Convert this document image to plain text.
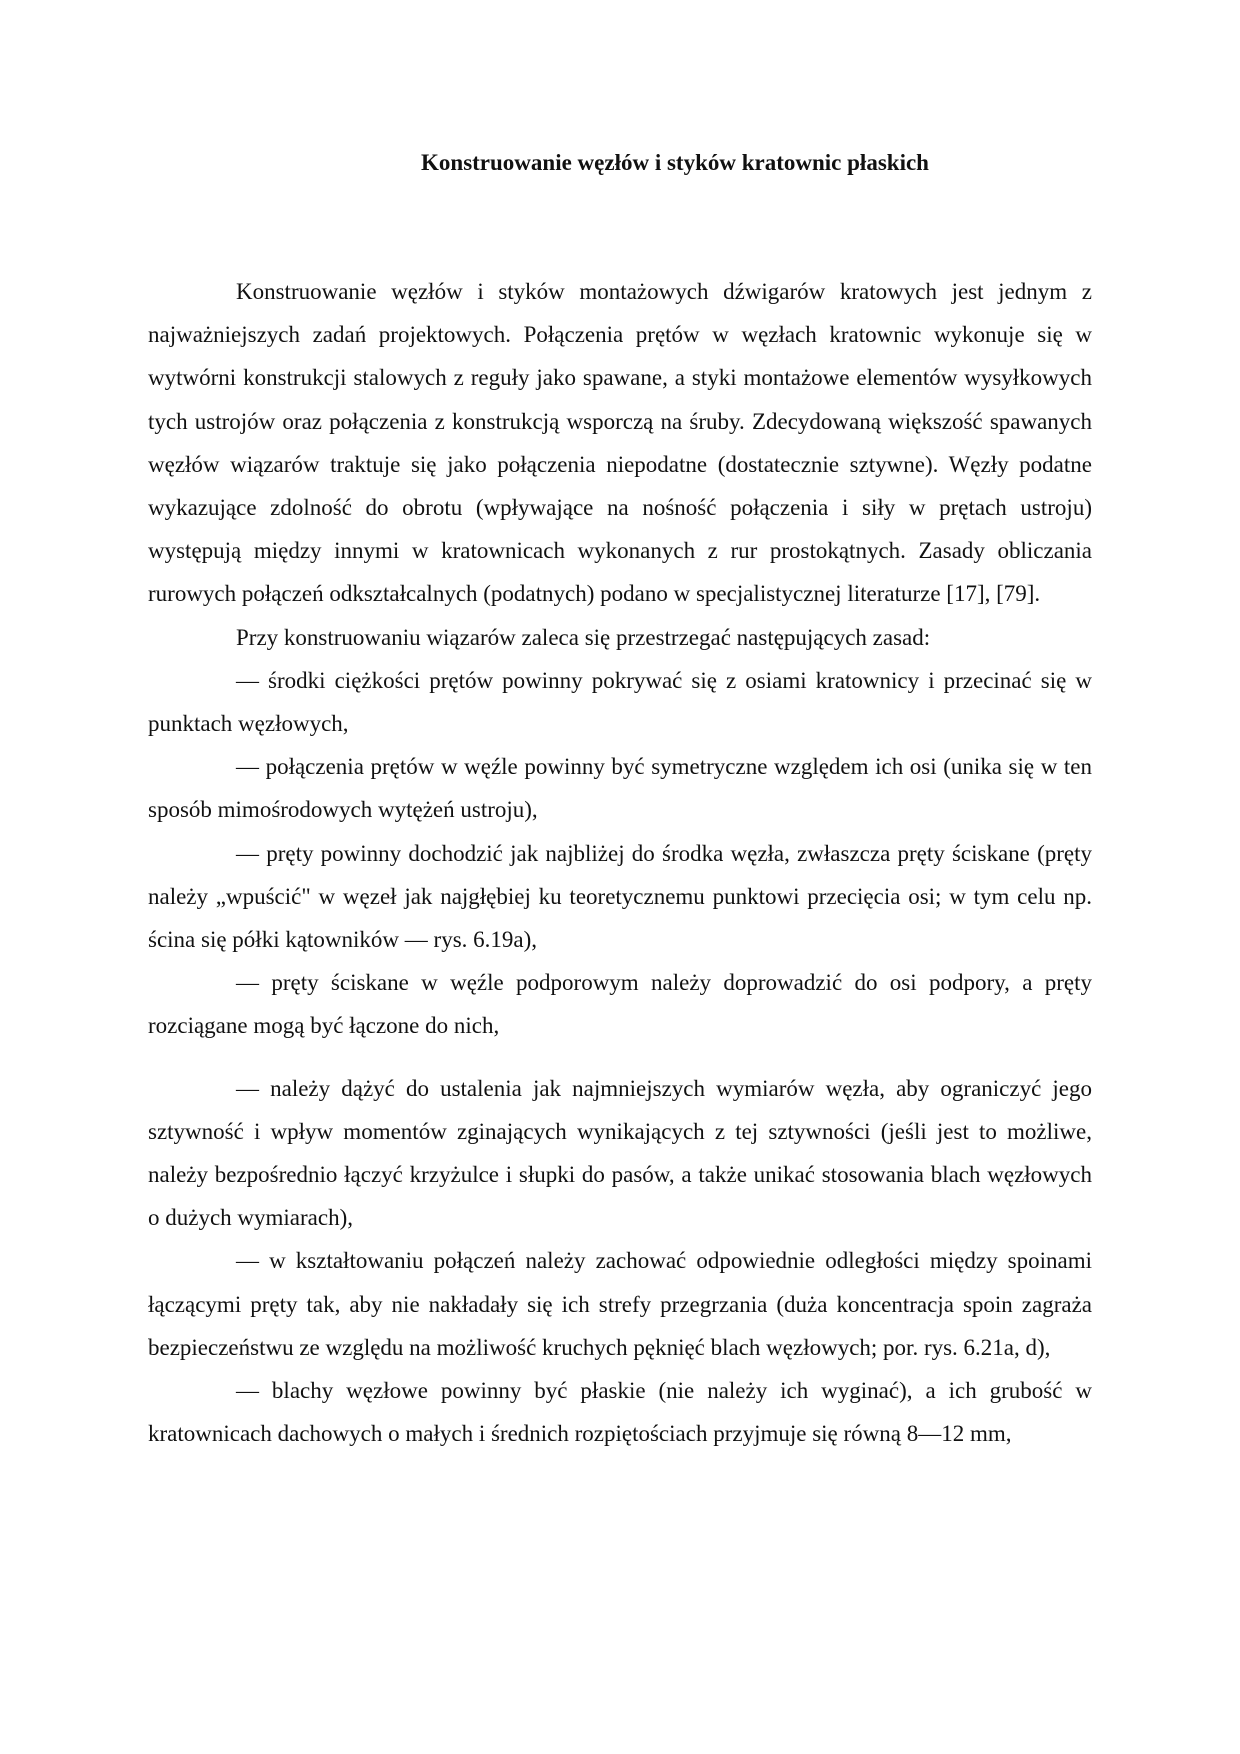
Konstruowanie węzłów i styków kratownic płaskich

Konstruowanie węzłów i styków montażowych dźwigarów kratowych jest jednym z najważniejszych zadań projektowych. Połączenia prętów w węzłach kratownic wykonuje się w wytwórni konstrukcji stalowych z reguły jako spawane, a styki montażowe elementów wysyłkowych tych ustrojów oraz połączenia z konstrukcją wsporczą na śruby. Zdecydowaną większość spawanych węzłów wiązarów traktuje się jako połączenia niepodatne (dostatecznie sztywne). Węzły podatne wykazujące zdolność do obrotu (wpływające na nośność połączenia i siły w prętach ustroju) występują między innymi w kratownicach wykonanych z rur prostokątnych. Zasady obliczania rurowych połączeń odkształcalnych (podatnych) podano w specjalistycznej literaturze [17], [79].

Przy konstruowaniu wiązarów zaleca się przestrzegać następujących zasad:

— środki ciężkości prętów powinny pokrywać się z osiami kratownicy i przecinać się w punktach węzłowych,

— połączenia prętów w węźle powinny być symetryczne względem ich osi (unika się w ten sposób mimośrodowych wytężeń ustroju),

— pręty powinny dochodzić jak najbliżej do środka węzła, zwłaszcza pręty ściskane (pręty należy „wpuścić" w węzeł jak najgłębiej ku teoretycznemu punktowi przecięcia osi; w tym celu np. ścina się półki kątowników — rys. 6.19a),

— pręty ściskane w węźle podporowym należy doprowadzić do osi podpory, a pręty rozciągane mogą być łączone do nich,

— należy dążyć do ustalenia jak najmniejszych wymiarów węzła, aby ograniczyć jego sztywność i wpływ momentów zginających wynikających z tej sztywności (jeśli jest to możliwe, należy bezpośrednio łączyć krzyżulce i słupki do pasów, a także unikać stosowania blach węzłowych o dużych wymiarach),

— w kształtowaniu połączeń należy zachować odpowiednie odległości między spoinami łączącymi pręty tak, aby nie nakładały się ich strefy przegrzania (duża koncentracja spoin zagraża bezpieczeństwu ze względu na możliwość kruchych pęknięć blach węzłowych; por. rys. 6.21a, d),

— blachy węzłowe powinny być płaskie (nie należy ich wyginać), a ich grubość w kratownicach dachowych o małych i średnich rozpiętościach przyjmuje się równą 8—12 mm,
